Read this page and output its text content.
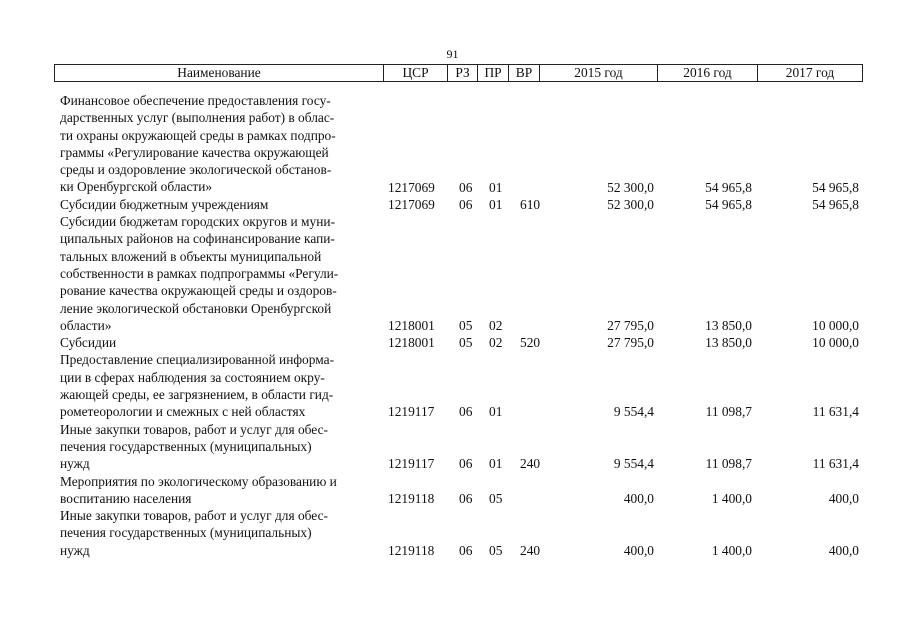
91
Наименование	ЦСР	РЗ	ПР	ВР	2015 год	2016 год	2017 год
Финансовое обеспечение предоставления госу-
дарственных услуг (выполнения работ) в облас-
ти охраны окружающей среды в рамках подпро-
граммы «Регулирование качества окружающей
среды и оздоровление экологической обстанов-
ки Оренбургской области»	1217069 06 01	52 300,0	54 965,8	54 965,8
Субсидии бюджетным учреждениям	1217069 06 01 610	52 300,0	54 965,8	54 965,8
Субсидии бюджетам городских округов и муни-
ципальных районов на софинансирование капи-
тальных вложений в объекты муниципальной
собственности в рамках подпрограммы «Регули-
рование качества окружающей среды и оздоров-
ление экологической обстановки Оренбургской
области»	1218001 05 02	27 795,0	13 850,0	10 000,0
Субсидии	1218001 05 02 520	27 795,0	13 850,0	10 000,0
Предоставление специализированной информа-
ции в сферах наблюдения за состоянием окру-
жающей среды, ее загрязнением, в области гид-
рометеорологии и смежных с ней областях	1219117 06 01	9 554,4	11 098,7	11 631,4
Иные закупки товаров, работ и услуг для обес-
печения государственных (муниципальных)
нужд	1219117 06 01 240	9 554,4	11 098,7	11 631,4
Мероприятия по экологическому образованию и
воспитанию населения	1219118 06 05	400,0	1 400,0	400,0
Иные закупки товаров, работ и услуг для обес-
печения государственных (муниципальных)
нужд	1219118 06 05 240	400,0	1 400,0	400,0
